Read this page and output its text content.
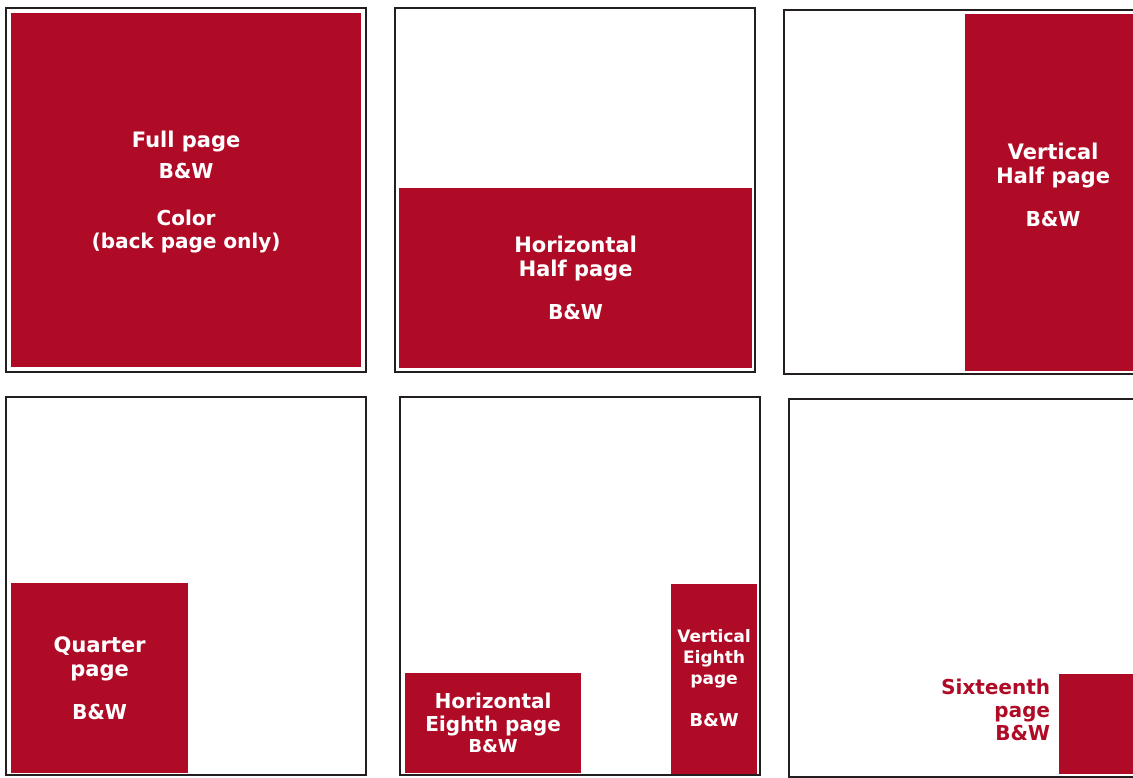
Full page
B&W
Color
(back page only)	Horizontal
Half page
B&W
Vertical
Half page
B&W
Quarter
page
B&W	Horizontal
Eighth page
B&W
Vertical
Eighth
page
B&W
Sixteenth
page
B&W
